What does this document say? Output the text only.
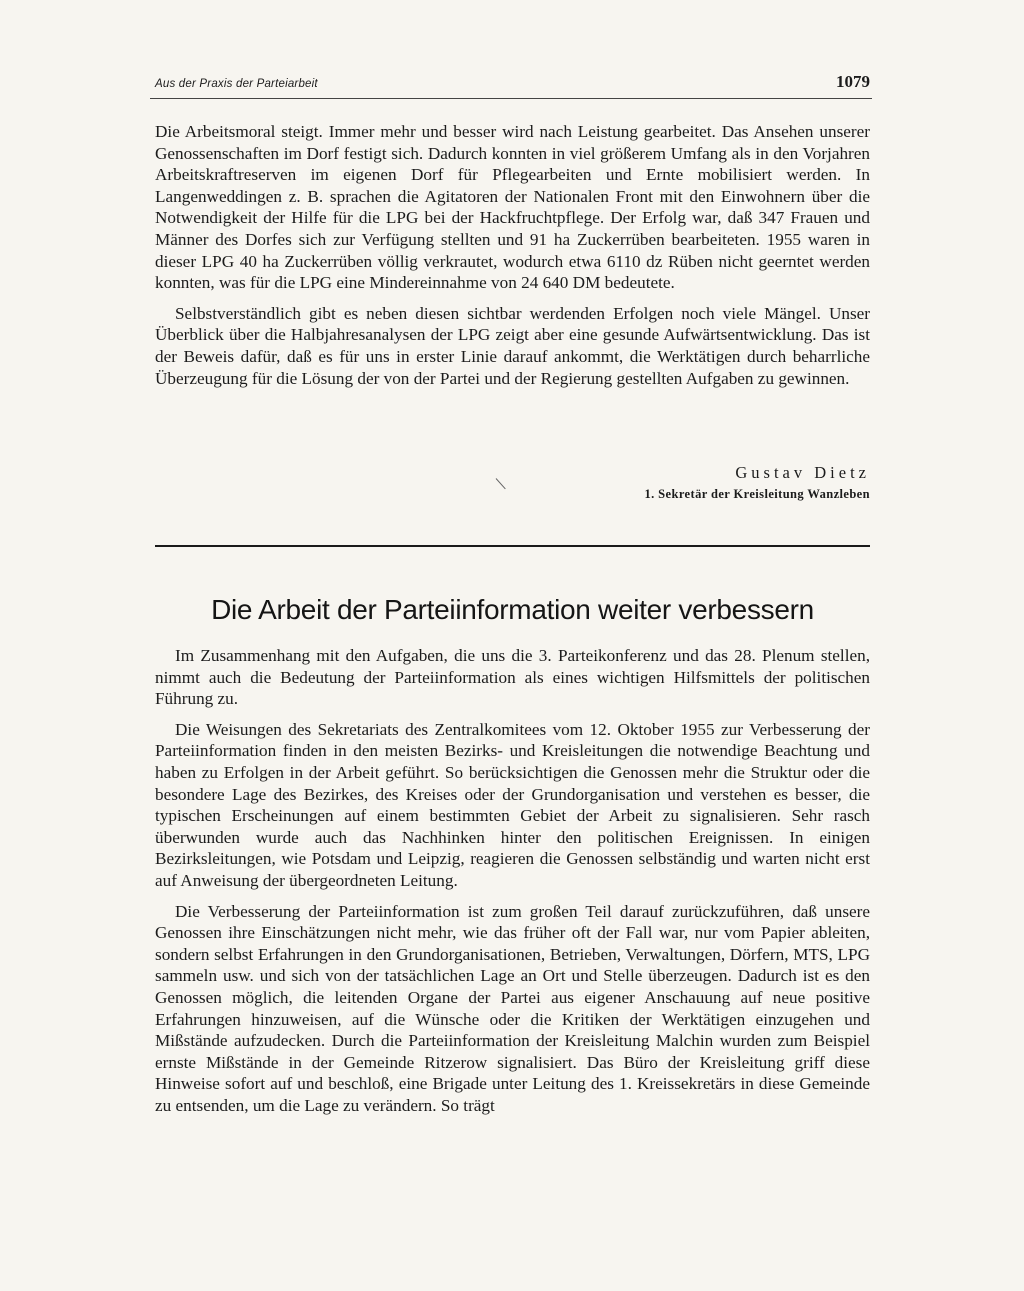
Aus der Praxis der Parteiarbeit	1079

Die Arbeitsmoral steigt. Immer mehr und besser wird nach Leistung gearbeitet. Das Ansehen unserer Genossenschaften im Dorf festigt sich. Dadurch konnten in viel größerem Umfang als in den Vorjahren Arbeitskraftreserven im eigenen Dorf für Pflegearbeiten und Ernte mobilisiert werden. In Langenweddingen z. B. sprachen die Agitatoren der Nationalen Front mit den Einwohnern über die Notwendigkeit der Hilfe für die LPG bei der Hackfruchtpflege. Der Erfolg war, daß 347 Frauen und Männer des Dorfes sich zur Verfügung stellten und 91 ha Zuckerrüben bearbeiteten. 1955 waren in dieser LPG 40 ha Zuckerrüben völlig verkrautet, wodurch etwa 6110 dz Rüben nicht geerntet werden konnten, was für die LPG eine Mindereinnahme von 24 640 DM bedeutete.

Selbstverständlich gibt es neben diesen sichtbar werdenden Erfolgen noch viele Mängel. Unser Überblick über die Halbjahresanalysen der LPG zeigt aber eine gesunde Aufwärtsentwicklung. Das ist der Beweis dafür, daß es für uns in erster Linie darauf ankommt, die Werktätigen durch beharrliche Überzeugung für die Lösung der von der Partei und der Regierung gestellten Aufgaben zu gewinnen.

Gustav Dietz
1. Sekretär der Kreisleitung Wanzleben
Die Arbeit der Parteiinformation weiter verbessern

Im Zusammenhang mit den Aufgaben, die uns die 3. Parteikonferenz und das 28. Plenum stellen, nimmt auch die Bedeutung der Parteiinformation als eines wichtigen Hilfsmittels der politischen Führung zu.

Die Weisungen des Sekretariats des Zentralkomitees vom 12. Oktober 1955 zur Verbesserung der Parteiinformation finden in den meisten Bezirks- und Kreisleitungen die notwendige Beachtung und haben zu Erfolgen in der Arbeit geführt. So berücksichtigen die Genossen mehr die Struktur oder die besondere Lage des Bezirkes, des Kreises oder der Grundorganisation und verstehen es besser, die typischen Erscheinungen auf einem bestimmten Gebiet der Arbeit zu signalisieren. Sehr rasch überwunden wurde auch das Nachhinken hinter den politischen Ereignissen. In einigen Bezirksleitungen, wie Potsdam und Leipzig, reagieren die Genossen selbständig und warten nicht erst auf Anweisung der übergeordneten Leitung.

Die Verbesserung der Parteiinformation ist zum großen Teil darauf zurückzuführen, daß unsere Genossen ihre Einschätzungen nicht mehr, wie das früher oft der Fall war, nur vom Papier ableiten, sondern selbst Erfahrungen in den Grundorganisationen, Betrieben, Verwaltungen, Dörfern, MTS, LPG sammeln usw. und sich von der tatsächlichen Lage an Ort und Stelle überzeugen. Dadurch ist es den Genossen möglich, die leitenden Organe der Partei aus eigener Anschauung auf neue positive Erfahrungen hinzuweisen, auf die Wünsche oder die Kritiken der Werktätigen einzugehen und Mißstände aufzudecken. Durch die Parteiinformation der Kreisleitung Malchin wurden zum Beispiel ernste Mißstände in der Gemeinde Ritzerow signalisiert. Das Büro der Kreisleitung griff diese Hinweise sofort auf und beschloß, eine Brigade unter Leitung des 1. Kreissekretärs in diese Gemeinde zu entsenden, um die Lage zu verändern. So trägt
